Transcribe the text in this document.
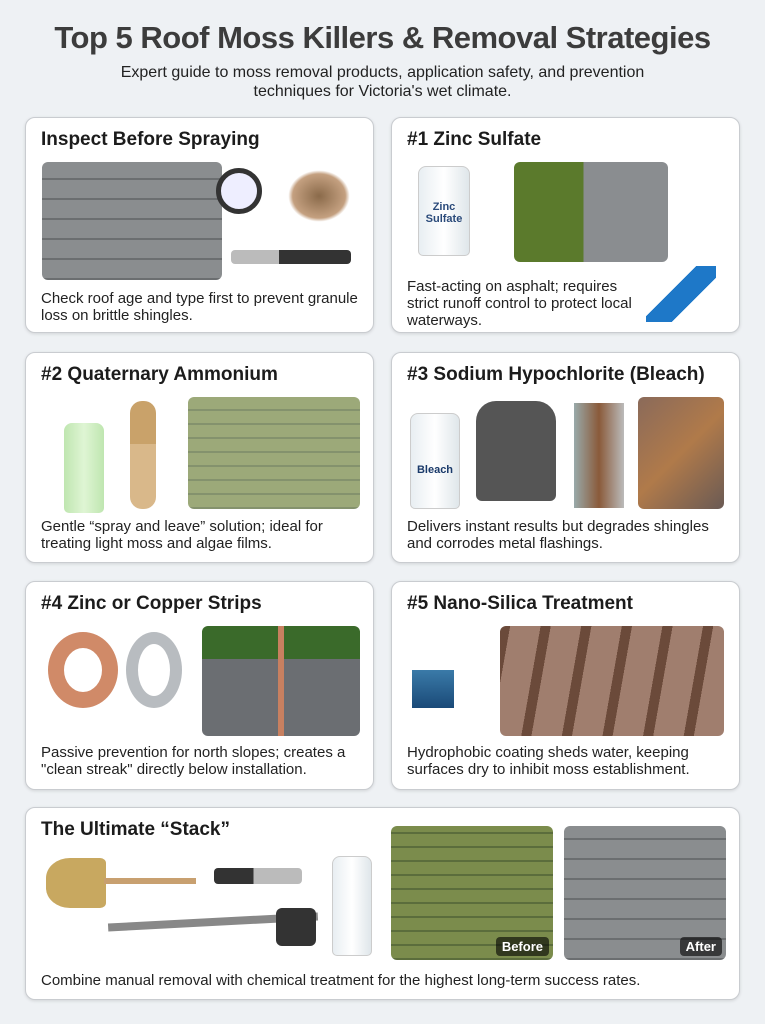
Top 5 Roof Moss Killers & Removal Strategies
Expert guide to moss removal products, application safety, and prevention techniques for Victoria's wet climate.
Inspect Before Spraying

Check roof age and type first to prevent granule loss on brittle shingles.

#1 Zinc Sulfate
Zinc Sulfate

Fast-acting on asphalt; requires strict runoff control to protect local waterways.

#2 Quaternary Ammonium

Gentle “spray and leave” solution; ideal for treating light moss and algae films.

#3 Sodium Hypochlorite (Bleach)
Bleach

Delivers instant results but degrades shingles and corrodes metal flashings.

#4 Zinc or Copper Strips

Passive prevention for north slopes; creates a "clean streak" directly below installation.

#5 Nano-Silica Treatment

Hydrophobic coating sheds water, keeping surfaces dry to inhibit moss establishment.

The Ultimate “Stack”
Before	After

Combine manual removal with chemical treatment for the highest long-term success rates.
